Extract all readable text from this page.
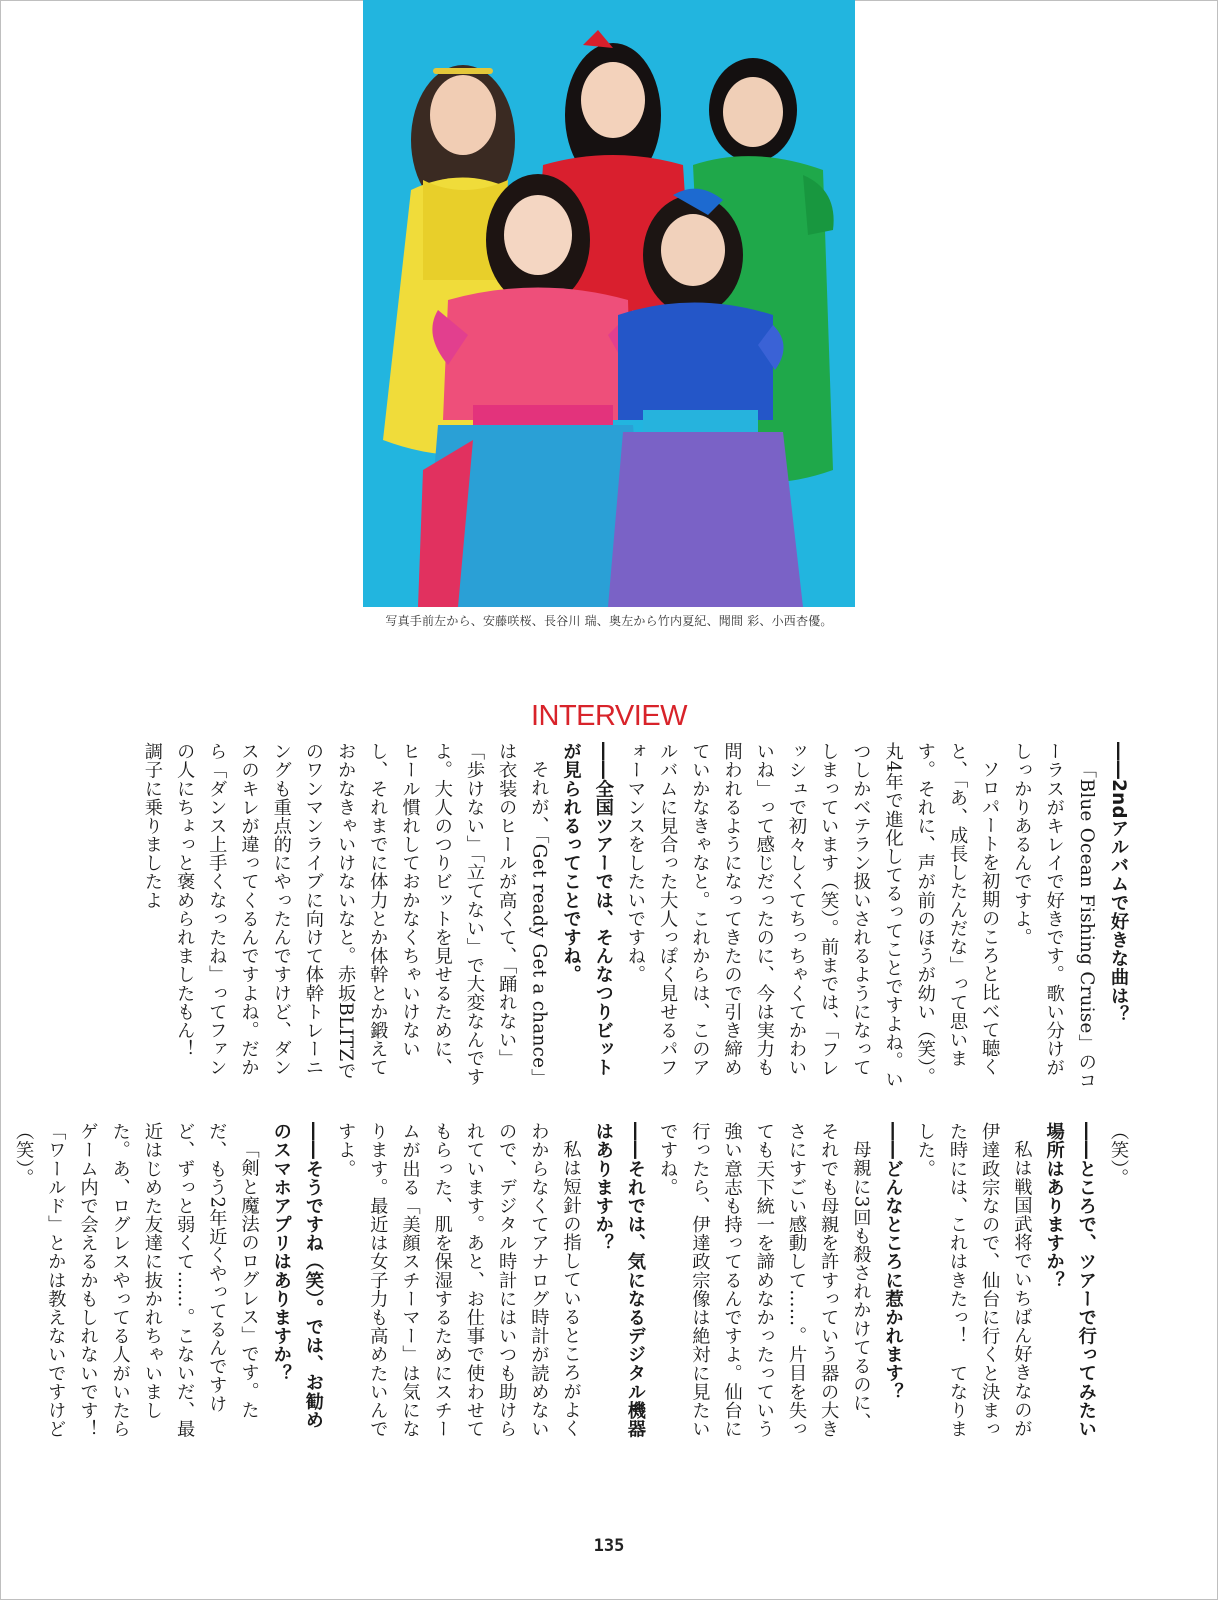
写真手前左から、安藤咲桜、長谷川 瑞、奥左から竹内夏紀、聞間 彩、小西杏優。
INTERVIEW

――2ndアルバムで好きな曲は？

「Blue Ocean Fishing Cruise」のコーラスがキレイで好きです。歌い分けがしっかりあるんですよ。

ソロパートを初期のころと比べて聴くと、「あ、成長したんだな」って思います。それに、声が前のほうが幼い（笑）。丸4年で進化してるってことですよね。いつしかベテラン扱いされるようになってしまっています（笑）。前までは、「フレッシュで初々しくてちっちゃくてかわいいね」って感じだったのに、今は実力も問われるようになってきたので引き締めていかなきゃなと。これからは、このアルバムに見合った大人っぽく見せるパフォーマンスをしたいですね。

――全国ツアーでは、そんなつりビットが見られるってことですね。

それが、「Get ready Get a chance」は衣装のヒールが高くて、「踊れない」「歩けない」「立てない」で大変なんですよ。大人のつりビットを見せるために、ヒール慣れしておかなくちゃいけないし、それまでに体力とか体幹とか鍛えておかなきゃいけないなと。赤坂BLITZでのワンマンライブに向けて体幹トレーニングも重点的にやったんですけど、ダンスのキレが違ってくるんですよね。だから「ダンス上手くなったね」ってファンの人にちょっと褒められましたもん！　調子に乗りましたよ

（笑）。

――ところで、ツアーで行ってみたい場所はありますか？

私は戦国武将でいちばん好きなのが伊達政宗なので、仙台に行くと決まった時には、これはきたっ！　てなりました。

――どんなところに惹かれます？

母親に3回も殺されかけてるのに、それでも母親を許すっていう器の大きさにすごい感動して……。片目を失っても天下統一を諦めなかったっていう強い意志も持ってるんですよ。仙台に行ったら、伊達政宗像は絶対に見たいですね。

――それでは、気になるデジタル機器はありますか？

私は短針の指しているところがよくわからなくてアナログ時計が読めないので、デジタル時計にはいつも助けられています。あと、お仕事で使わせてもらった、肌を保湿するためにスチームが出る「美顔スチーマー」は気になります。最近は女子力も高めたいんですよ。

――そうですね（笑）。では、お勧めのスマホアプリはありますか？

「剣と魔法のログレス」です。ただ、もう2年近くやってるんですけど、ずっと弱くて……。こないだ、最近はじめた友達に抜かれちゃいました。あ、ログレスやってる人がいたらゲーム内で会えるかもしれないです！「ワールド」とかは教えないですけど（笑）。

135
